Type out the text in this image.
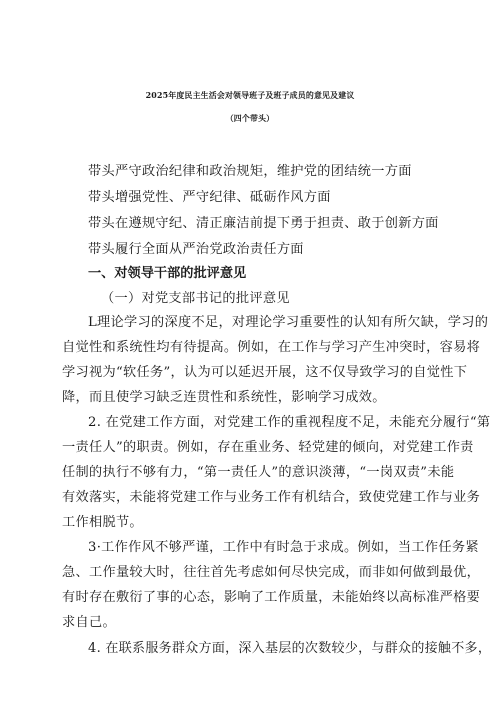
2025年度民主生活会对领导班子及班子成员的意见及建议
（四个带头）
带头严守政治纪律和政治规矩，维护党的团结统一方面
带头增强党性、严守纪律、砥砺作风方面
带头在遵规守纪、清正廉洁前提下勇于担责、敢于创新方面
带头履行全面从严治党政治责任方面
一、对领导干部的批评意见
（一）对党支部书记的批评意见
L理论学习的深度不足，对理论学习重要性的认知有所欠缺，学习的
自觉性和系统性均有待提高。例如，在工作与学习产生冲突时，容易将
学习视为“软任务”，认为可以延迟开展，这不仅导致学习的自觉性下
降，而且使学习缺乏连贯性和系统性，影响学习成效。
2. 在党建工作方面，对党建工作的重视程度不足，未能充分履行“第
一责任人”的职责。例如，存在重业务、轻党建的倾向，对党建工作责
任制的执行不够有力，“第一责任人”的意识淡薄，“一岗双责”未能
有效落实，未能将党建工作与业务工作有机结合，致使党建工作与业务
工作相脱节。
3·工作作风不够严谨，工作中有时急于求成。例如，当工作任务紧
急、工作量较大时，往往首先考虑如何尽快完成，而非如何做到最优，
有时存在敷衍了事的心态，影响了工作质量，未能始终以高标准严格要
求自己。
4. 在联系服务群众方面，深入基层的次数较少，与群众的接触不多，
